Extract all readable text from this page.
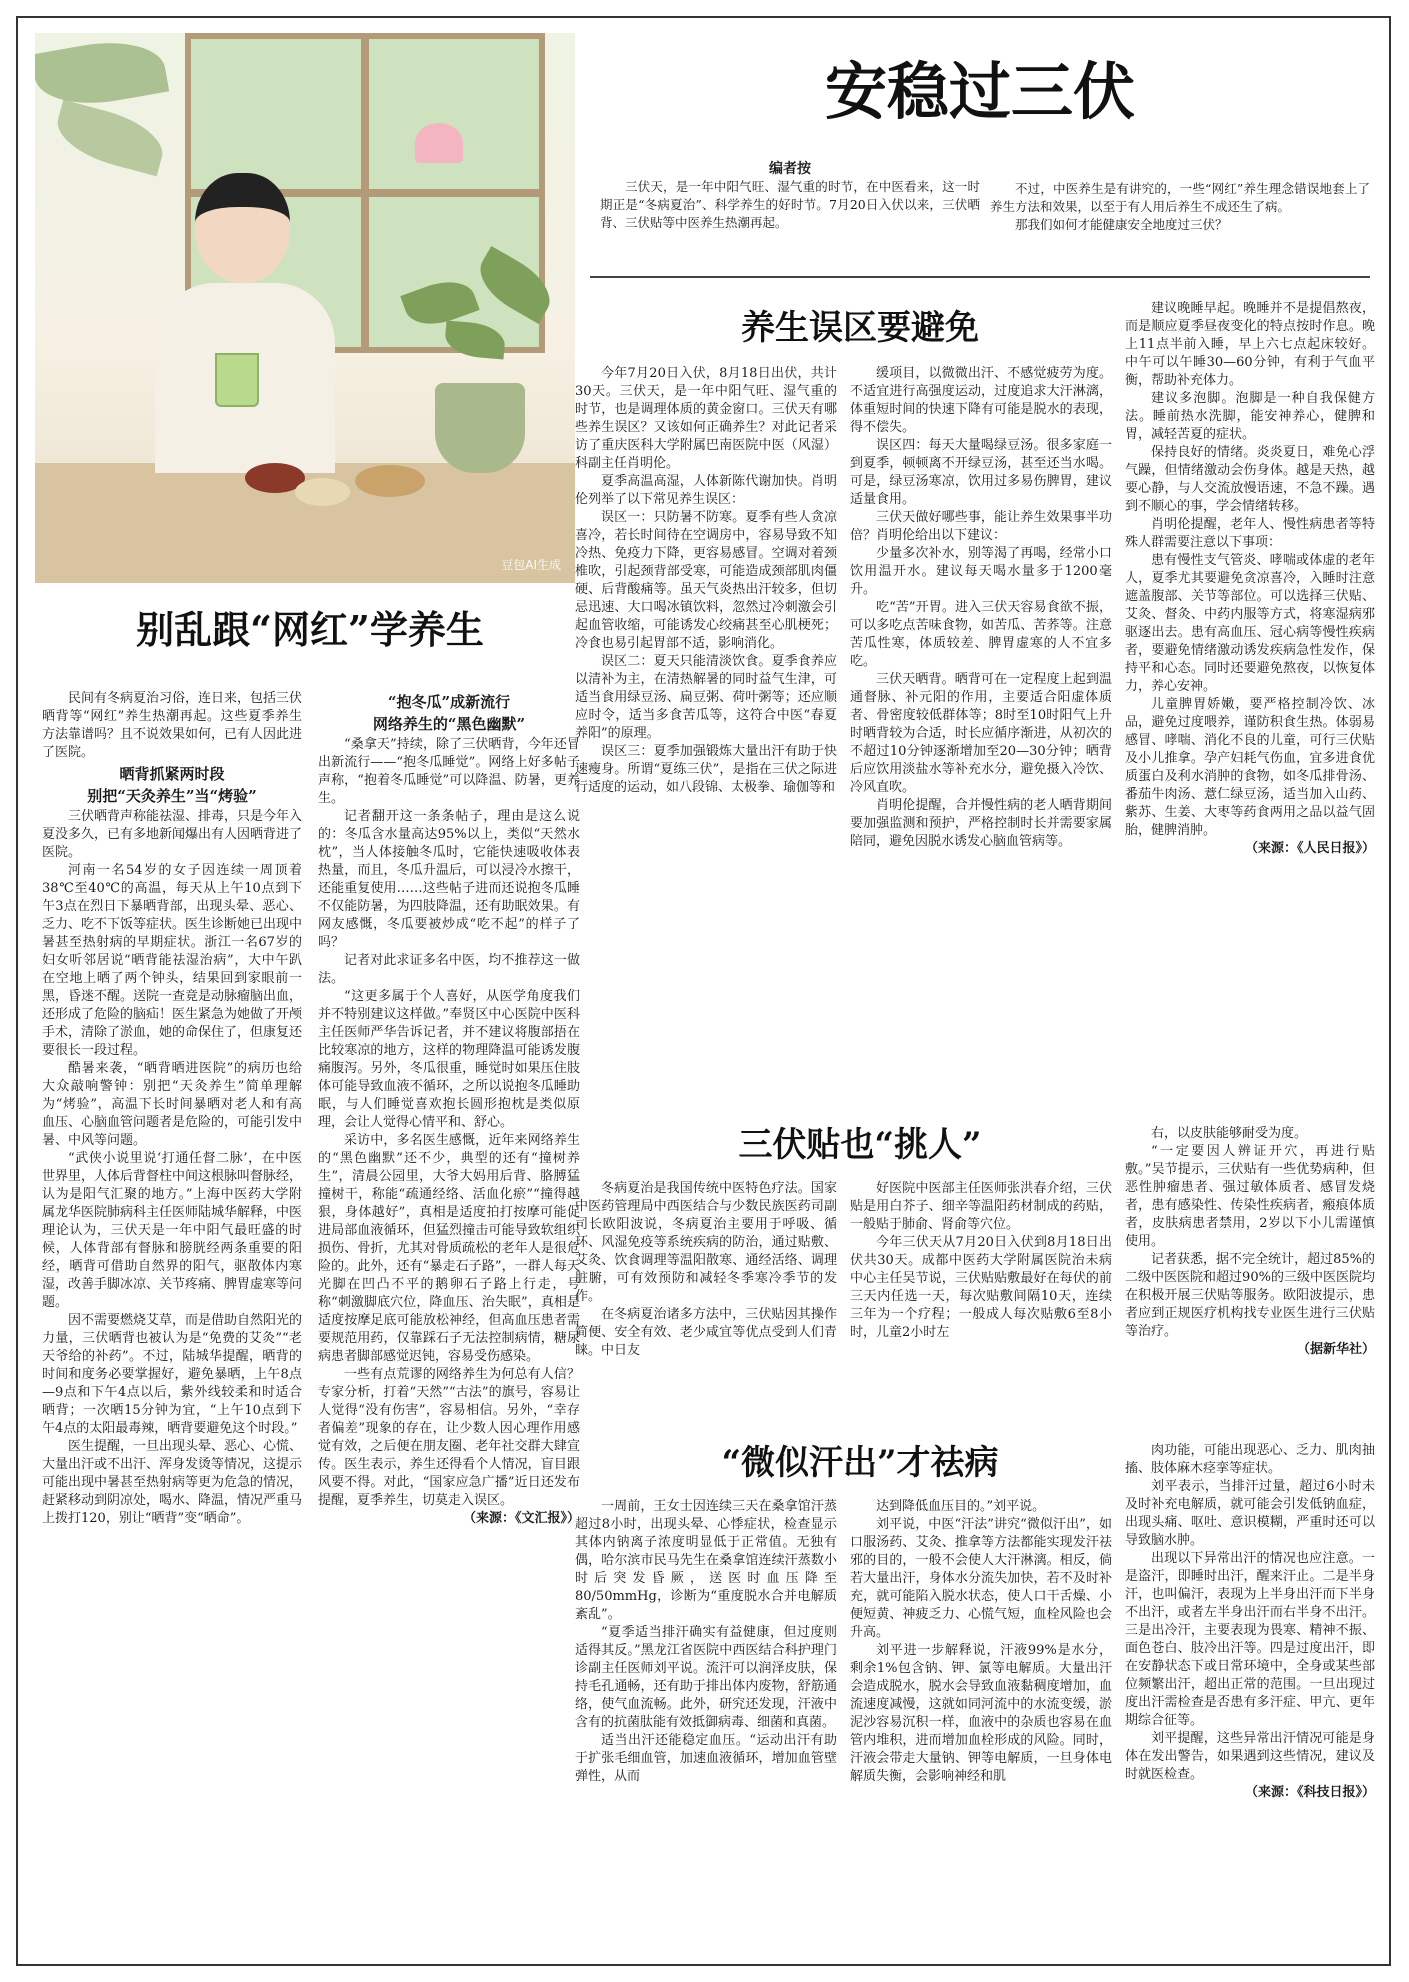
豆包AI生成
安稳过三伏
编者按

三伏天，是一年中阳气旺、湿气重的时节，在中医看来，这一时期正是“冬病夏治”、科学养生的好时节。7月20日入伏以来，三伏晒背、三伏贴等中医养生热潮再起。

不过，中医养生是有讲究的，一些“网红”养生理念错误地套上了养生方法和效果，以至于有人用后养生不成还生了病。

那我们如何才能健康安全地度过三伏？

别乱跟“网红”学养生

民间有冬病夏治习俗，连日来，包括三伏晒背等“网红”养生热潮再起。这些夏季养生方法靠谱吗？且不说效果如何，已有人因此进了医院。

晒背抓紧两时段
别把“天灸养生”当“烤验”

三伏晒背声称能祛湿、排毒，只是今年入夏没多久，已有多地新闻爆出有人因晒背进了医院。

河南一名54岁的女子因连续一周顶着38℃至40℃的高温，每天从上午10点到下午3点在烈日下暴晒背部，出现头晕、恶心、乏力、吃不下饭等症状。医生诊断她已出现中暑甚至热射病的早期症状。浙江一名67岁的妇女听邻居说“晒背能祛湿治病”，大中午趴在空地上晒了两个钟头，结果回到家眼前一黑，昏迷不醒。送院一查竟是动脉瘤脑出血，还形成了危险的脑疝！医生紧急为她做了开颅手术，清除了淤血，她的命保住了，但康复还要很长一段过程。

酷暑来袭，“晒背晒进医院”的病历也给大众敲响警钟：别把“天灸养生”简单理解为“烤验”，高温下长时间暴晒对老人和有高血压、心脑血管问题者是危险的，可能引发中暑、中风等问题。

“武侠小说里说‘打通任督二脉’，在中医世界里，人体后背督柱中间这根脉叫督脉经，认为是阳气汇聚的地方。”上海中医药大学附属龙华医院肺病科主任医师陆城华解释，中医理论认为，三伏天是一年中阳气最旺盛的时候，人体背部有督脉和膀胱经两条重要的阳经，晒背可借助自然界的阳气，驱散体内寒湿，改善手脚冰凉、关节疼痛、脾胃虚寒等问题。

因不需要燃烧艾草，而是借助自然阳光的力量，三伏晒背也被认为是“免费的艾灸”“老天爷给的补药”。不过，陆城华提醒，晒背的时间和度务必要掌握好，避免暴晒，上午8点—9点和下午4点以后，紫外线较柔和时适合晒背；一次晒15分钟为宜，“上午10点到下午4点的太阳最毒辣，晒背要避免这个时段。”

医生提醒，一旦出现头晕、恶心、心慌、大量出汗或不出汗、浑身发烫等情况，这提示可能出现中暑甚至热射病等更为危急的情况，赶紧移动到阴凉处，喝水、降温，情况严重马上拨打120，别让“晒背”变“晒命”。

“抱冬瓜”成新流行
网络养生的“黑色幽默”

“桑拿天”持续，除了三伏晒背，今年还冒出新流行——“抱冬瓜睡觉”。网络上好多帖子声称，“抱着冬瓜睡觉”可以降温、防暑，更养生。

记者翻开这一条条帖子，理由是这么说的：冬瓜含水量高达95%以上，类似“天然水枕”，当人体接触冬瓜时，它能快速吸收体表热量，而且，冬瓜升温后，可以浸冷水擦干，还能重复使用……这些帖子进而还说抱冬瓜睡不仅能防暑，为四肢降温，还有助眠效果。有网友感慨，冬瓜要被炒成“吃不起”的样子了吗？

记者对此求证多名中医，均不推荐这一做法。

“这更多属于个人喜好，从医学角度我们并不特别建议这样做。”奉贤区中心医院中医科主任医师严华告诉记者，并不建议将腹部捂在比较寒凉的地方，这样的物理降温可能诱发腹痛腹泻。另外，冬瓜很重，睡觉时如果压住肢体可能导致血液不循环，之所以说抱冬瓜睡助眠，与人们睡觉喜欢抱长圆形抱枕是类似原理，会让人觉得心情平和、舒心。

采访中，多名医生感慨，近年来网络养生的“黑色幽默”还不少，典型的还有“撞树养生”，清晨公园里，大爷大妈用后背、胳膊猛撞树干，称能“疏通经络、活血化瘀”“撞得越狠，身体越好”，真相是适度拍打按摩可能促进局部血液循环，但猛烈撞击可能导致软组织损伤、骨折，尤其对骨质疏松的老年人是很危险的。此外，还有“暴走石子路”，一群人每天光脚在凹凸不平的鹅卵石子路上行走，号称“刺激脚底穴位，降血压、治失眠”，真相是适度按摩足底可能放松神经，但高血压患者需要规范用药，仅靠踩石子无法控制病情，糖尿病患者脚部感觉迟钝，容易受伤感染。

一些有点荒谬的网络养生为何总有人信？专家分析，打着“天然”“古法”的旗号，容易让人觉得“没有伤害”，容易相信。另外，“幸存者偏差”现象的存在，让少数人因心理作用感觉有效，之后便在朋友圈、老年社交群大肆宣传。医生表示，养生还得看个人情况，盲目跟风要不得。对此，“国家应急广播”近日还发布提醒，夏季养生，切莫走入误区。

（来源：《文汇报》）
养生误区要避免

今年7月20日入伏，8月18日出伏，共计30天。三伏天，是一年中阳气旺、湿气重的时节，也是调理体质的黄金窗口。三伏天有哪些养生误区？又该如何正确养生？对此记者采访了重庆医科大学附属巴南医院中医（风湿）科副主任肖明伦。

夏季高温高湿，人体新陈代谢加快。肖明伦列举了以下常见养生误区：

误区一：只防暑不防寒。夏季有些人贪凉喜冷，若长时间待在空调房中，容易导致不知冷热、免疫力下降，更容易感冒。空调对着颈椎吹，引起颈背部受寒，可能造成颈部肌肉僵硬、后背酸痛等。虽天气炎热出汗较多，但切忌迅速、大口喝冰镇饮料，忽然过冷刺激会引起血管收缩，可能诱发心绞痛甚至心肌梗死；冷食也易引起胃部不适，影响消化。

误区二：夏天只能清淡饮食。夏季食养应以清补为主，在清热解暑的同时益气生津，可适当食用绿豆汤、扁豆粥、荷叶粥等；还应顺应时令，适当多食苦瓜等，这符合中医“春夏养阳”的原理。

误区三：夏季加强锻炼大量出汗有助于快速瘦身。所谓“夏练三伏”，是指在三伏之际进行适度的运动，如八段锦、太极拳、瑜伽等和

缓项目，以微微出汗、不感觉疲劳为度。不适宜进行高强度运动，过度追求大汗淋漓，体重短时间的快速下降有可能是脱水的表现，得不偿失。

误区四：每天大量喝绿豆汤。很多家庭一到夏季，顿顿离不开绿豆汤，甚至还当水喝。可是，绿豆汤寒凉，饮用过多易伤脾胃，建议适量食用。

三伏天做好哪些事，能让养生效果事半功倍？肖明伦给出以下建议：

少量多次补水，别等渴了再喝，经常小口饮用温开水。建议每天喝水量多于1200毫升。

吃“苦”开胃。进入三伏天容易食欲不振，可以多吃点苦味食物，如苦瓜、苦荞等。注意苦瓜性寒，体质较差、脾胃虚寒的人不宜多吃。

三伏天晒背。晒背可在一定程度上起到温通督脉、补元阳的作用，主要适合阳虚体质者、骨密度较低群体等；8时至10时阳气上升时晒背较为合适，时长应循序渐进，从初次的不超过10分钟逐渐增加至20—30分钟；晒背后应饮用淡盐水等补充水分，避免摄入冷饮、冷风直吹。

肖明伦提醒，合并慢性病的老人晒背期间要加强监测和预护，严格控制时长并需要家属陪同，避免因脱水诱发心脑血管病等。

建议晚睡早起。晚睡并不是提倡熬夜，而是顺应夏季昼夜变化的特点按时作息。晚上11点半前入睡，早上六七点起床较好。中午可以午睡30—60分钟，有利于气血平衡，帮助补充体力。

建议多泡脚。泡脚是一种自我保健方法。睡前热水洗脚，能安神养心，健脾和胃，减轻苦夏的症状。

保持良好的情绪。炎炎夏日，难免心浮气躁，但情绪激动会伤身体。越是天热，越要心静，与人交流放慢语速，不急不躁。遇到不顺心的事，学会情绪转移。

肖明伦提醒，老年人、慢性病患者等特殊人群需要注意以下事项：

患有慢性支气管炎、哮喘或体虚的老年人，夏季尤其要避免贪凉喜冷，入睡时注意遮盖腹部、关节等部位。可以选择三伏贴、艾灸、督灸、中药内服等方式，将寒湿病邪驱逐出去。患有高血压、冠心病等慢性疾病者，要避免情绪激动诱发疾病急性发作，保持平和心态。同时还要避免熬夜，以恢复体力，养心安神。

儿童脾胃娇嫩，要严格控制冷饮、冰品，避免过度喂养，谨防积食生热。体弱易感冒、哮喘、消化不良的儿童，可行三伏贴及小儿推拿。孕产妇耗气伤血，宜多进食优质蛋白及利水消肿的食物，如冬瓜排骨汤、番茄牛肉汤、薏仁绿豆汤，适当加入山药、紫苏、生姜、大枣等药食两用之品以益气固胎，健脾消肿。

（来源：《人民日报》）
三伏贴也“挑人”

冬病夏治是我国传统中医特色疗法。国家中医药管理局中西医结合与少数民族医药司副司长欧阳波说，冬病夏治主要用于呼吸、循环、风湿免疫等系统疾病的防治，通过贴敷、艾灸、饮食调理等温阳散寒、通经活络、调理脏腑，可有效预防和减轻冬季寒冷季节的发作。

在冬病夏治诸多方法中，三伏贴因其操作简便、安全有效、老少咸宜等优点受到人们青睐。中日友

好医院中医部主任医师张洪春介绍，三伏贴是用白芥子、细辛等温阳药材制成的药贴，一般贴于肺俞、肾俞等穴位。

今年三伏天从7月20日入伏到8月18日出伏共30天。成都中医药大学附属医院治未病中心主任吴节说，三伏贴贴敷最好在每伏的前三天内任选一天，每次贴敷间隔10天，连续三年为一个疗程；一般成人每次贴敷6至8小时，儿童2小时左

右，以皮肤能够耐受为度。

“一定要因人辨证开穴，再进行贴敷。”吴节提示，三伏贴有一些优势病种，但恶性肿瘤患者、强过敏体质者、感冒发烧者，患有感染性、传染性疾病者，瘢痕体质者，皮肤病患者禁用，2岁以下小儿需谨慎使用。

记者获悉，据不完全统计，超过85%的二级中医医院和超过90%的三级中医医院均在积极开展三伏贴等服务。欧阳波提示，患者应到正规医疗机构找专业医生进行三伏贴等治疗。

（据新华社）
“微似汗出”才祛病

一周前，王女士因连续三天在桑拿馆汗蒸超过8小时，出现头晕、心悸症状，检查显示其体内钠离子浓度明显低于正常值。无独有偶，哈尔滨市民马先生在桑拿馆连续汗蒸数小时后突发昏厥，送医时血压降至80/50mmHg，诊断为“重度脱水合并电解质紊乱”。

“夏季适当排汗确实有益健康，但过度则适得其反。”黑龙江省医院中西医结合科护理门诊副主任医师刘平说。流汗可以润泽皮肤，保持毛孔通畅，还有助于排出体内废物，舒筋通络，使气血流畅。此外，研究还发现，汗液中含有的抗菌肽能有效抵御病毒、细菌和真菌。

适当出汗还能稳定血压。“运动出汗有助于扩张毛细血管，加速血液循环，增加血管壁弹性，从而

达到降低血压目的。”刘平说。

刘平说，中医“汗法”讲究“微似汗出”，如口服汤药、艾灸、推拿等方法都能实现发汗祛邪的目的，一般不会使人大汗淋漓。相反，倘若大量出汗，身体水分流失加快，若不及时补充，就可能陷入脱水状态，使人口干舌燥、小便短黄、神疲乏力、心慌气短，血栓风险也会升高。

刘平进一步解释说，汗液99%是水分，剩余1%包含钠、钾、氯等电解质。大量出汗会造成脱水，脱水会导致血液黏稠度增加，血流速度减慢，这就如同河流中的水流变缓，淤泥沙容易沉积一样，血液中的杂质也容易在血管内堆积，进而增加血栓形成的风险。同时，汗液会带走大量钠、钾等电解质，一旦身体电解质失衡，会影响神经和肌

肉功能，可能出现恶心、乏力、肌肉抽搐、肢体麻木痉挛等症状。

刘平表示，当排汗过量，超过6小时未及时补充电解质，就可能会引发低钠血症，出现头痛、呕吐、意识模糊，严重时还可以导致脑水肿。

出现以下异常出汗的情况也应注意。一是盗汗，即睡时出汗，醒来汗止。二是半身汗，也叫偏汗，表现为上半身出汗而下半身不出汗，或者左半身出汗而右半身不出汗。三是出冷汗，主要表现为畏寒、精神不振、面色苍白、肢冷出汗等。四是过度出汗，即在安静状态下或日常环境中，全身或某些部位频繁出汗，超出正常的范围。一旦出现过度出汗需检查是否患有多汗症、甲亢、更年期综合征等。

刘平提醒，这些异常出汗情况可能是身体在发出警告，如果遇到这些情况，建议及时就医检查。

（来源：《科技日报》）
